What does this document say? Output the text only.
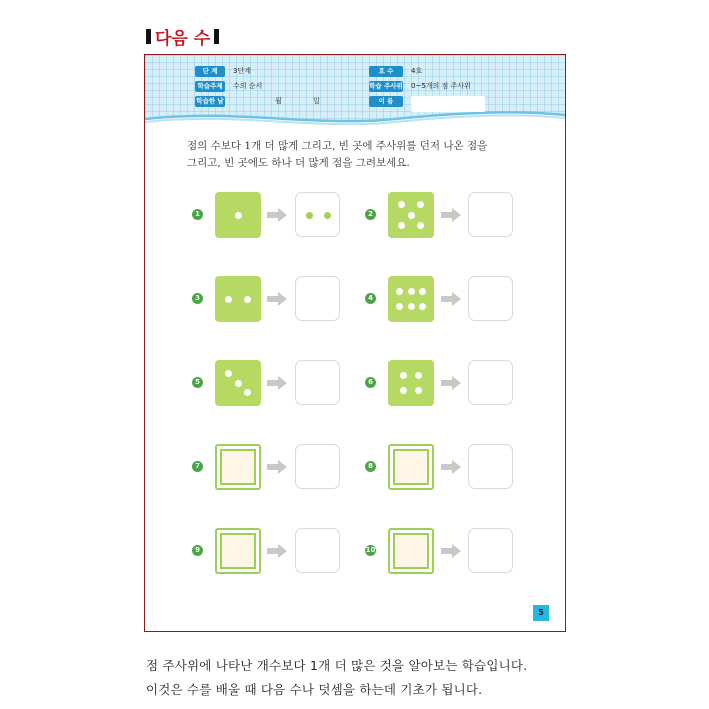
다음 수
단 계	3단계
학습주제	수의 순서
학습한 날	월	일
호 수	4호
학습 주사위 0~5개의 점 주사위
이 름
점의 수보다 1개 더 많게 그리고, 빈 곳에 주사위를 던저 나온 점을
그리고, 빈 곳에도 하나 더 많게 점을 그려보세요.
1	2
3	4
5	6
7	8
9	10
5
점 주사위에 나타난 개수보다 1개 더 많은 것을 알아보는 학습입니다.
이것은 수를 배울 때 다음 수나 덧셈을 하는데 기초가 됩니다.
